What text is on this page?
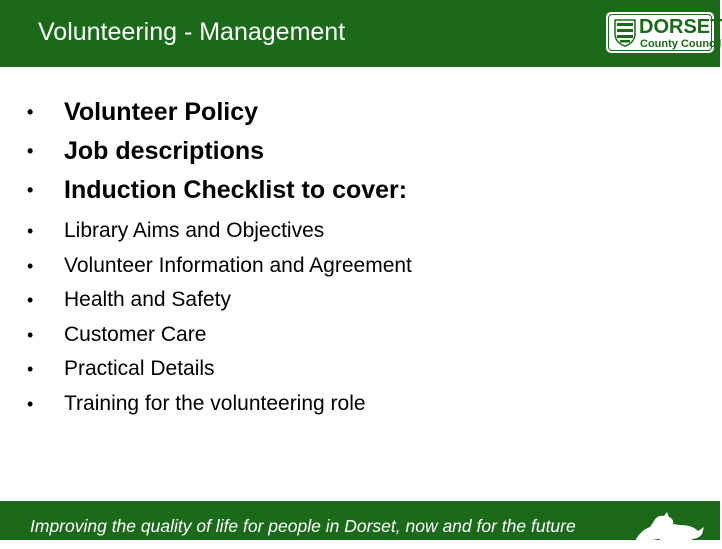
Volunteering - Management	DORSET
County Council
• Volunteer Policy
• Job descriptions
• Induction Checklist to cover:
• Library Aims and Objectives
• Volunteer Information and Agreement
• Health and Safety
• Customer Care
• Practical Details
• Training for the volunteering role
Improving the quality of life for people in Dorset, now and for the future
